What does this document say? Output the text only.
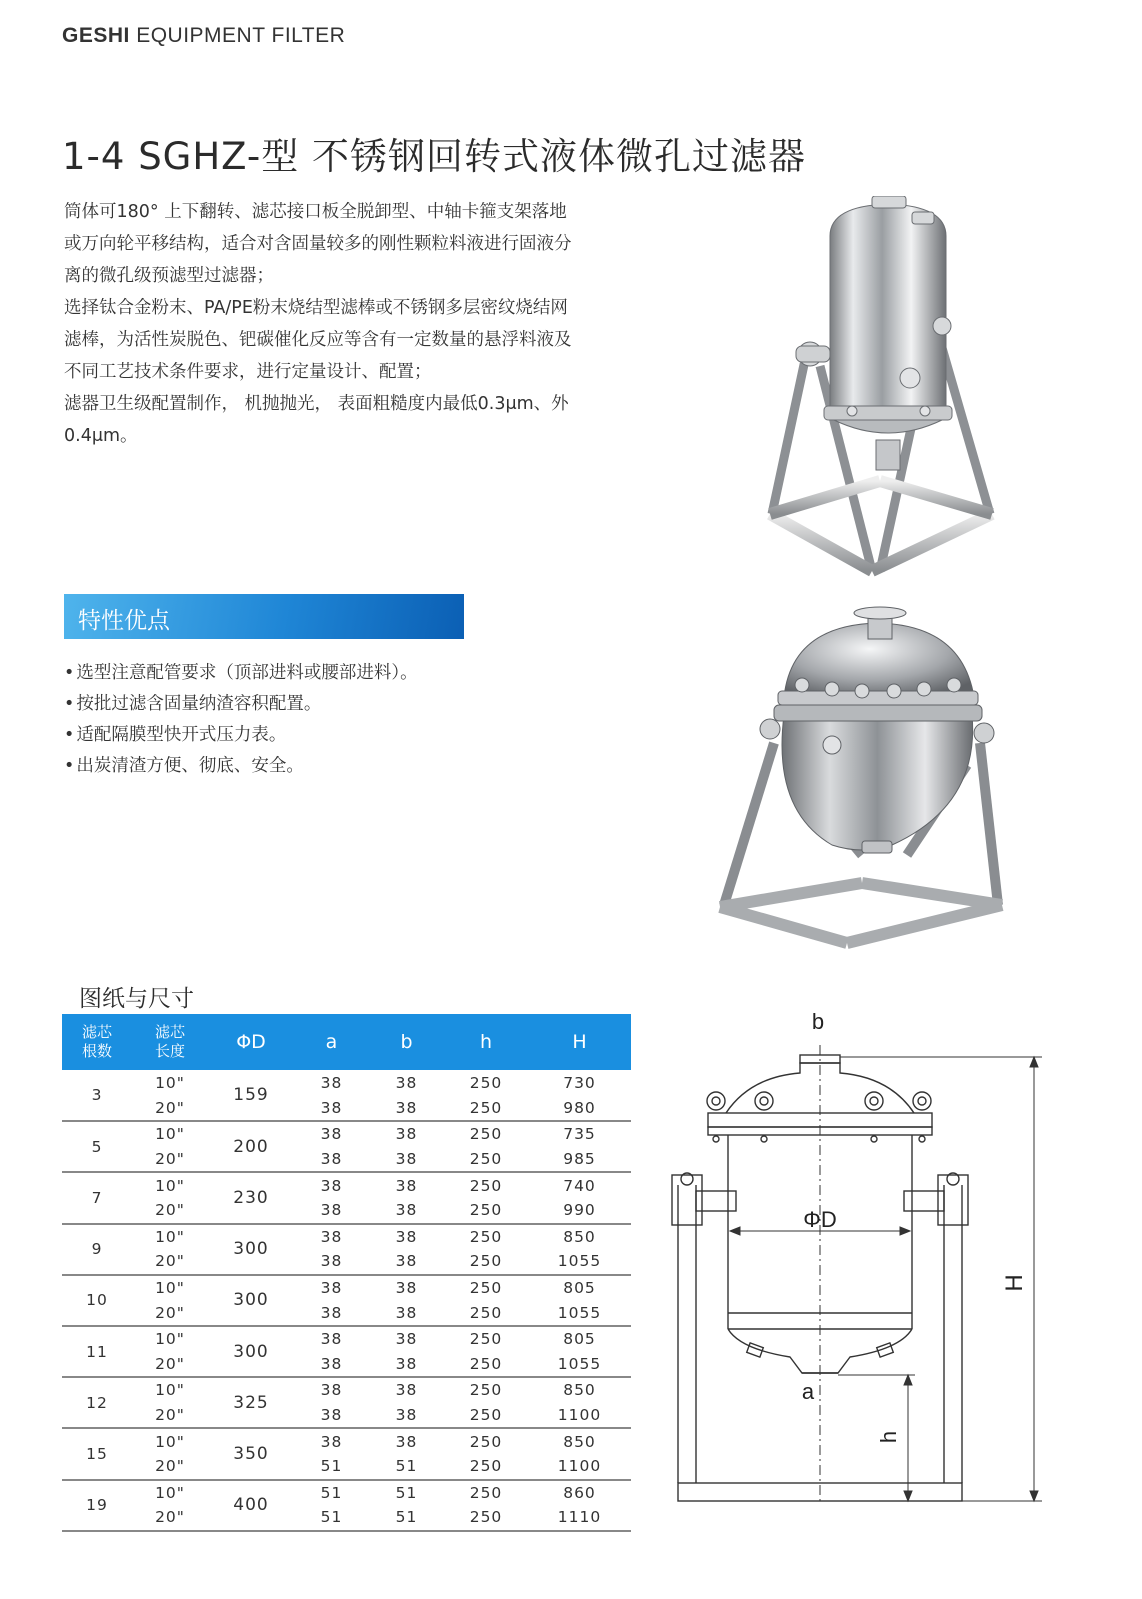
GESHI EQUIPMENT FILTER
1-4 SGHZ-型 不锈钢回转式液体微孔过滤器

筒体可180° 上下翻转、滤芯接口板全脱卸型、中轴卡箍支架落地或万向轮平移结构，适合对含固量较多的刚性颗粒料液进行固液分离的微孔级预滤型过滤器；

选择钛合金粉末、PA/PE粉末烧结型滤棒或不锈钢多层密纹烧结网滤棒，为活性炭脱色、钯碳催化反应等含有一定数量的悬浮料液及不同工艺技术条件要求，进行定量设计、配置；

滤器卫生级配置制作， 机抛抛光， 表面粗糙度内最低0.3μm、外0.4μm。

特性优点
• 选型注意配管要求（顶部进料或腰部进料）。
• 按批过滤含固量纳渣容积配置。
• 适配隔膜型快开式压力表。
• 出炭清渣方便、彻底、安全。
图纸与尺寸
滤芯
根数	滤芯
长度	ΦD	a	b	h	H
3	10"	159	38	38	250	730
	20"		38	38	250	980
5	10"	200	38	38	250	735
	20"		38	38	250	985
7	10"	230	38	38	250	740
	20"		38	38	250	990
9	10"	300	38	38	250	850
	20"		38	38	250	1055
10	10"	300	38	38	250	805
	20"		38	38	250	1055
11	10"	300	38	38	250	805
	20"		38	38	250	1055
12	10"	325	38	38	250	850
	20"		38	38	250	1100
15	10"	350	38	38	250	850
	20"		51	51	250	1100
19	10"	400	51	51	250	860
	20"		51	51	250	1110
b
ΦD
H
a
h
